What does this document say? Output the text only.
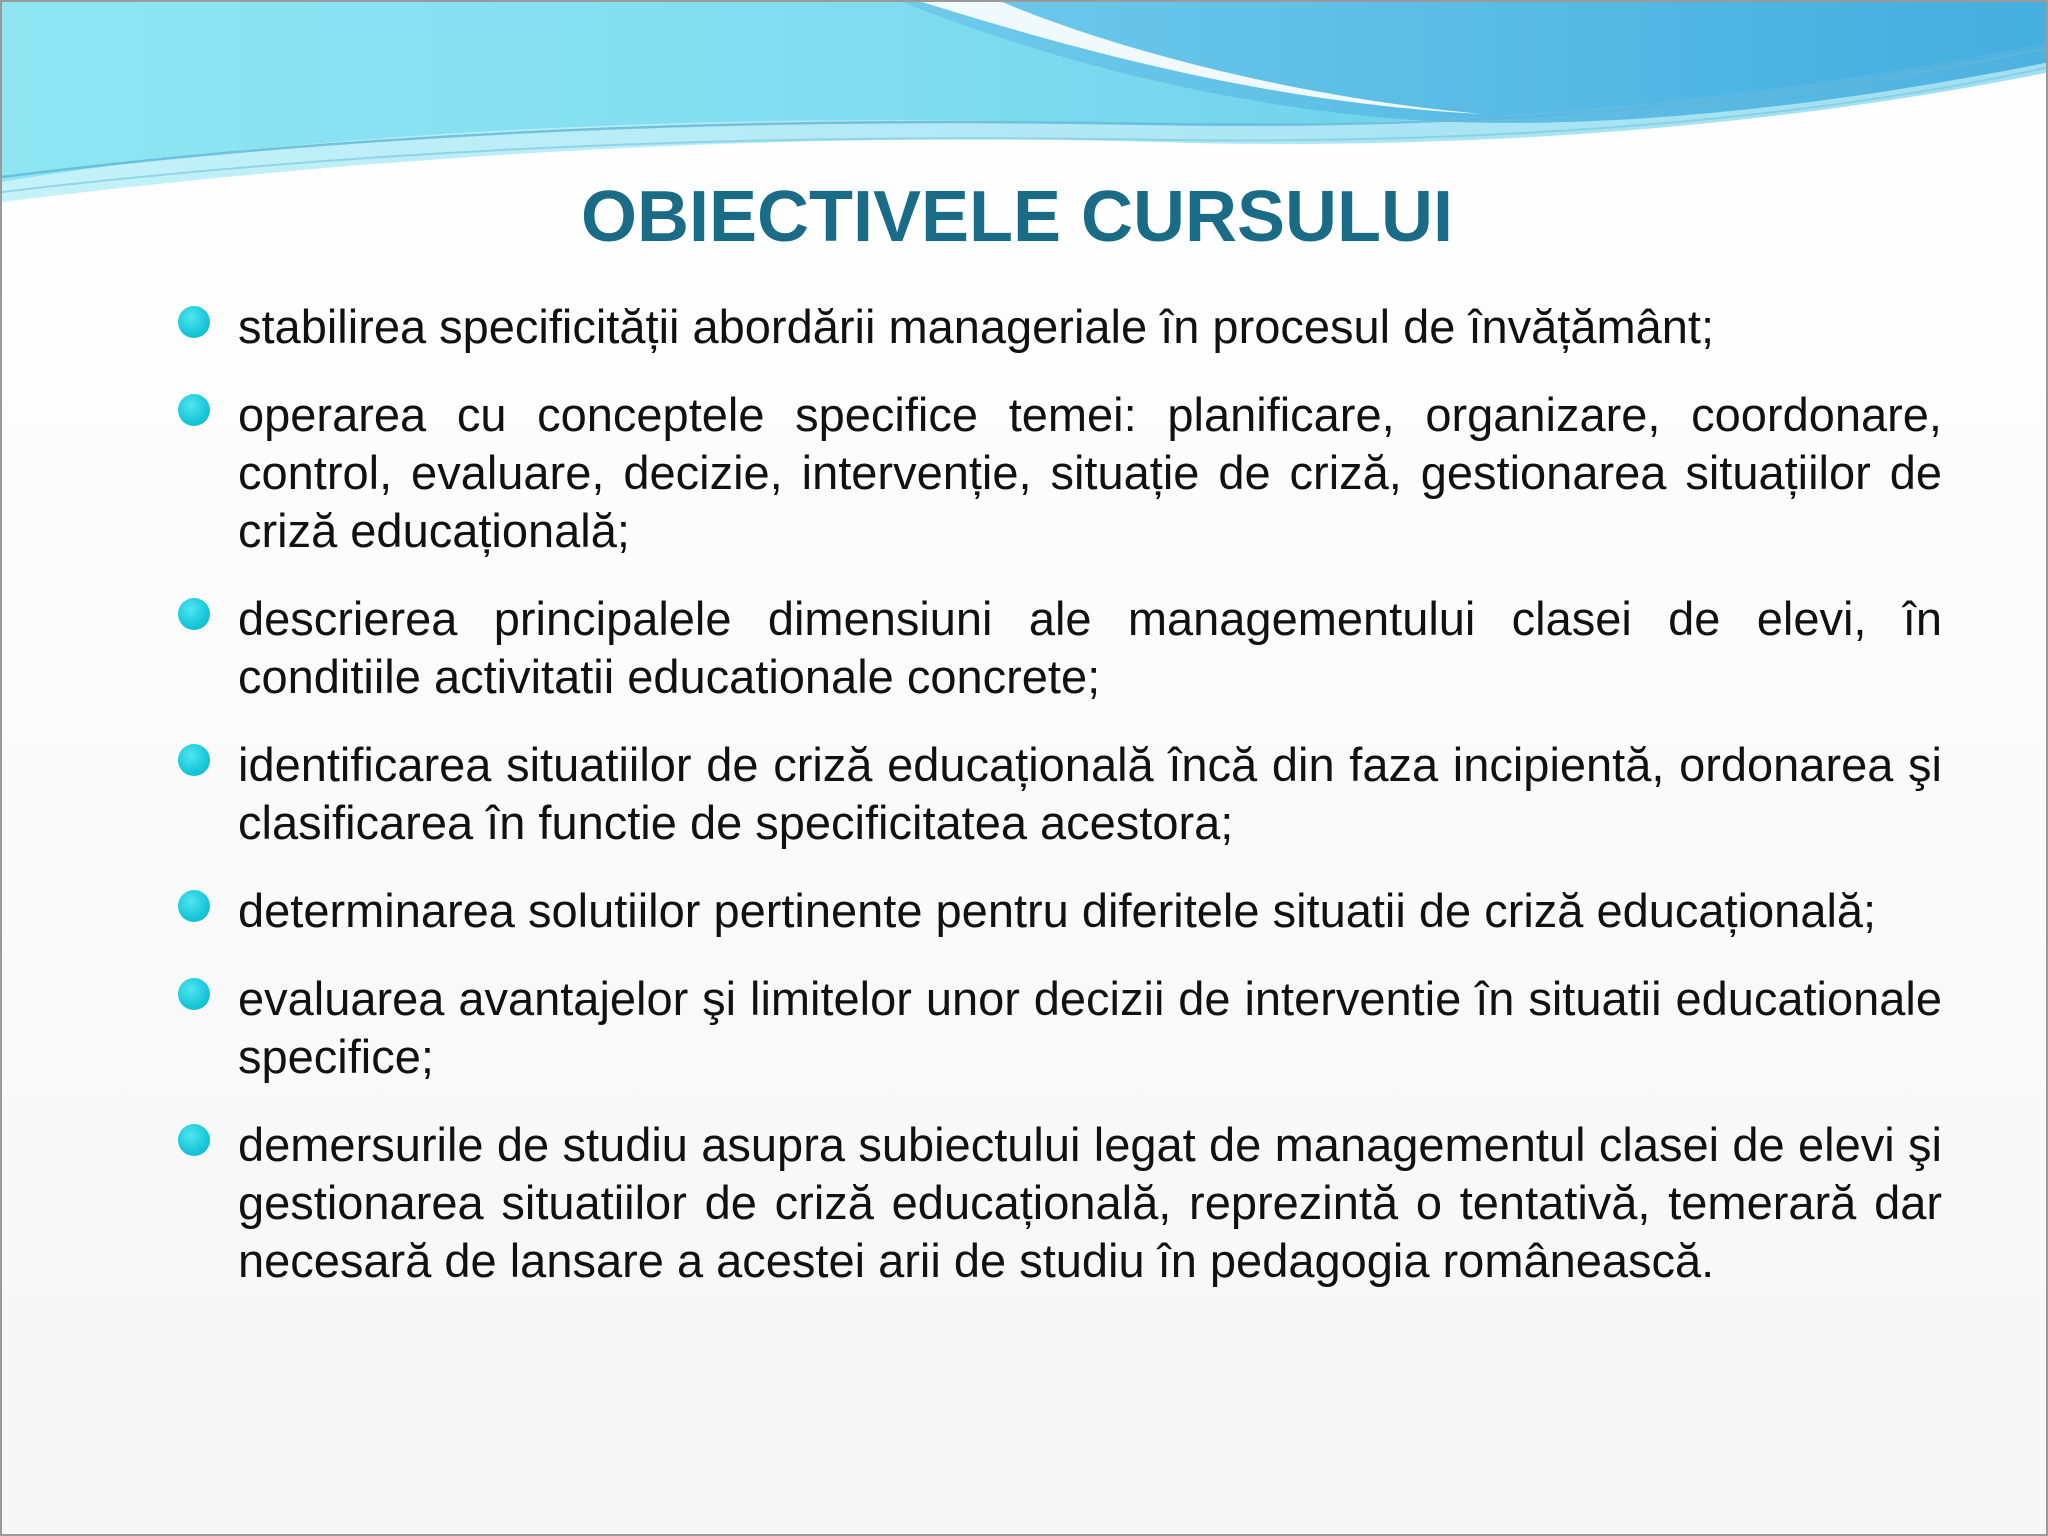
OBIECTIVELE CURSULUI
stabilirea specificității abordării manageriale în procesul de învățământ;
operarea cu conceptele specifice temei: planificare, organizare, coordonare, control, evaluare, decizie, intervenție, situație de criză, gestionarea situațiilor de criză educațională;
descrierea principalele dimensiuni ale managementului clasei de elevi, în conditiile activitatii educationale concrete;
identificarea situatiilor de criză educațională încă din faza incipientă, ordonarea şi clasificarea în functie de specificitatea acestora;
determinarea solutiilor pertinente pentru diferitele situatii de criză educațională;
evaluarea avantajelor şi limitelor unor decizii de interventie în situatii educationale specifice;
demersurile de studiu asupra subiectului legat de managementul clasei de elevi şi gestionarea situatiilor de criză educațională, reprezintă o tentativă, temerară dar necesară de lansare a acestei arii de studiu în pedagogia românească.
